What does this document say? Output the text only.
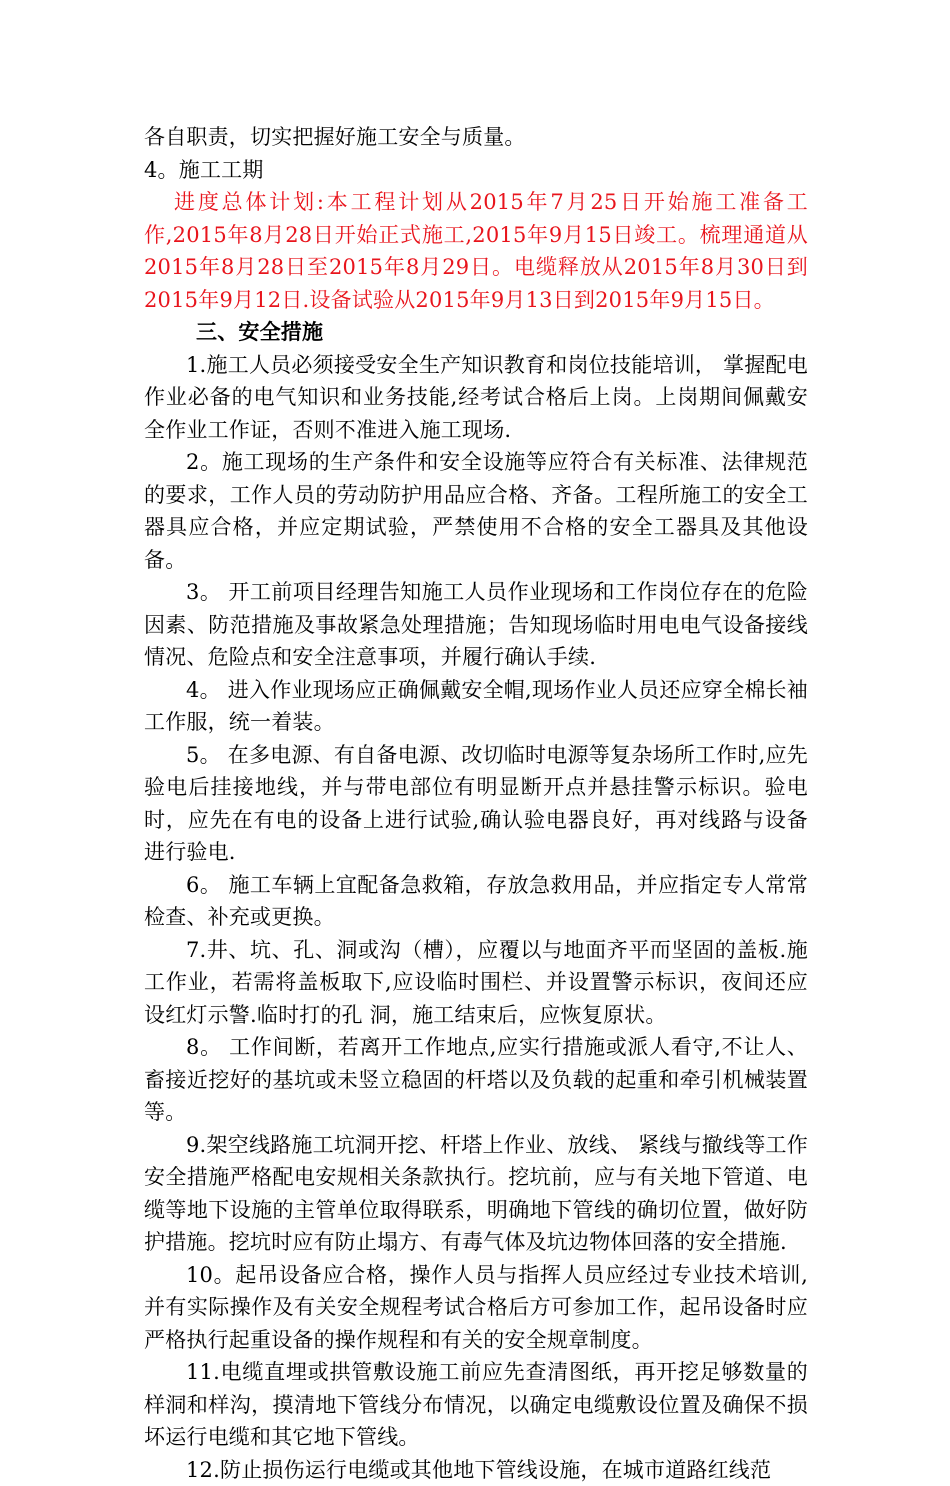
各自职责，切实把握好施工安全与质量。

4。施工工期

进度总体计划:本工程计划从2015年7月25日开始施工准备工作,2015年8月28日开始正式施工,2015年9月15日竣工。梳理通道从2015年8月28日至2015年8月29日。电缆释放从2015年8月30日到2015年9月12日.设备试验从2015年9月13日到2015年9月15日。

三、安全措施

1.施工人员必须接受安全生产知识教育和岗位技能培训， 掌握配电作业必备的电气知识和业务技能,经考试合格后上岗。上岗期间佩戴安全作业工作证，否则不准进入施工现场.

2。施工现场的生产条件和安全设施等应符合有关标准、法律规范的要求，工作人员的劳动防护用品应合格、齐备。工程所施工的安全工器具应合格，并应定期试验，严禁使用不合格的安全工器具及其他设备。

3。 开工前项目经理告知施工人员作业现场和工作岗位存在的危险因素、防范措施及事故紧急处理措施；告知现场临时用电电气设备接线情况、危险点和安全注意事项，并履行确认手续.

4。 进入作业现场应正确佩戴安全帽,现场作业人员还应穿全棉长袖工作服，统一着装。

5。 在多电源、有自备电源、改切临时电源等复杂场所工作时,应先验电后挂接地线，并与带电部位有明显断开点并悬挂警示标识。验电时，应先在有电的设备上进行试验,确认验电器良好，再对线路与设备进行验电.

6。 施工车辆上宜配备急救箱，存放急救用品，并应指定专人常常检查、补充或更换。

7.井、坑、孔、洞或沟（槽），应覆以与地面齐平而坚固的盖板.施工作业，若需将盖板取下,应设临时围栏、并设置警示标识，夜间还应设红灯示警.临时打的孔 洞，施工结束后，应恢复原状。

8。 工作间断，若离开工作地点,应实行措施或派人看守,不让人、畜接近挖好的基坑或未竖立稳固的杆塔以及负载的起重和牵引机械装置等。

9.架空线路施工坑洞开挖、杆塔上作业、放线、 紧线与撤线等工作安全措施严格配电安规相关条款执行。挖坑前，应与有关地下管道、电缆等地下设施的主管单位取得联系，明确地下管线的确切位置，做好防护措施。挖坑时应有防止塌方、有毒气体及坑边物体回落的安全措施.

10。起吊设备应合格，操作人员与指挥人员应经过专业技术培训,并有实际操作及有关安全规程考试合格后方可参加工作，起吊设备时应严格执行起重设备的操作规程和有关的安全规章制度。

11.电缆直埋或拱管敷设施工前应先查清图纸，再开挖足够数量的样洞和样沟，摸清地下管线分布情况，以确定电缆敷设位置及确保不损坏运行电缆和其它地下管线。

12.防止损伤运行电缆或其他地下管线设施，在城市道路红线范
